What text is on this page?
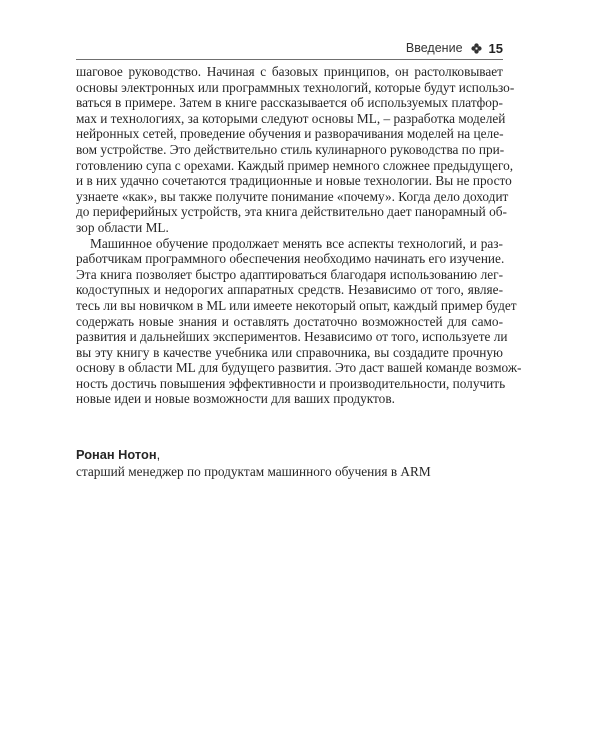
Введение 15
шаговое руководство. Начиная с базовых принципов, он растолковывает
основы электронных или программных технологий, которые будут использо-
ваться в примере. Затем в книге рассказывается об используемых платфор-
мах и технологиях, за которыми следуют основы ML, – разработка моделей
нейронных сетей, проведение обучения и разворачивания моделей на целе-
вом устройстве. Это действительно стиль кулинарного руководства по при-
готовлению супа с орехами. Каждый пример немного сложнее предыдущего,
и в них удачно сочетаются традиционные и новые технологии. Вы не просто
узнаете «как», вы также получите понимание «почему». Когда дело доходит
до периферийных устройств, эта книга действительно дает панорамный об-
зор области ML.
Машинное обучение продолжает менять все аспекты технологий, и раз-
работчикам программного обеспечения необходимо начинать его изучение.
Эта книга позволяет быстро адаптироваться благодаря использованию лег-
кодоступных и недорогих аппаратных средств. Независимо от того, являе-
тесь ли вы новичком в ML или имеете некоторый опыт, каждый пример будет
содержать новые знания и оставлять достаточно возможностей для само-
развития и дальнейших экспериментов. Независимо от того, используете ли
вы эту книгу в качестве учебника или справочника, вы создадите прочную
основу в области ML для будущего развития. Это даст вашей команде возмож-
ность достичь повышения эффективности и производительности, получить
новые идеи и новые возможности для ваших продуктов.
Ронан Нотон,
старший менеджер по продуктам машинного обучения в ARM
